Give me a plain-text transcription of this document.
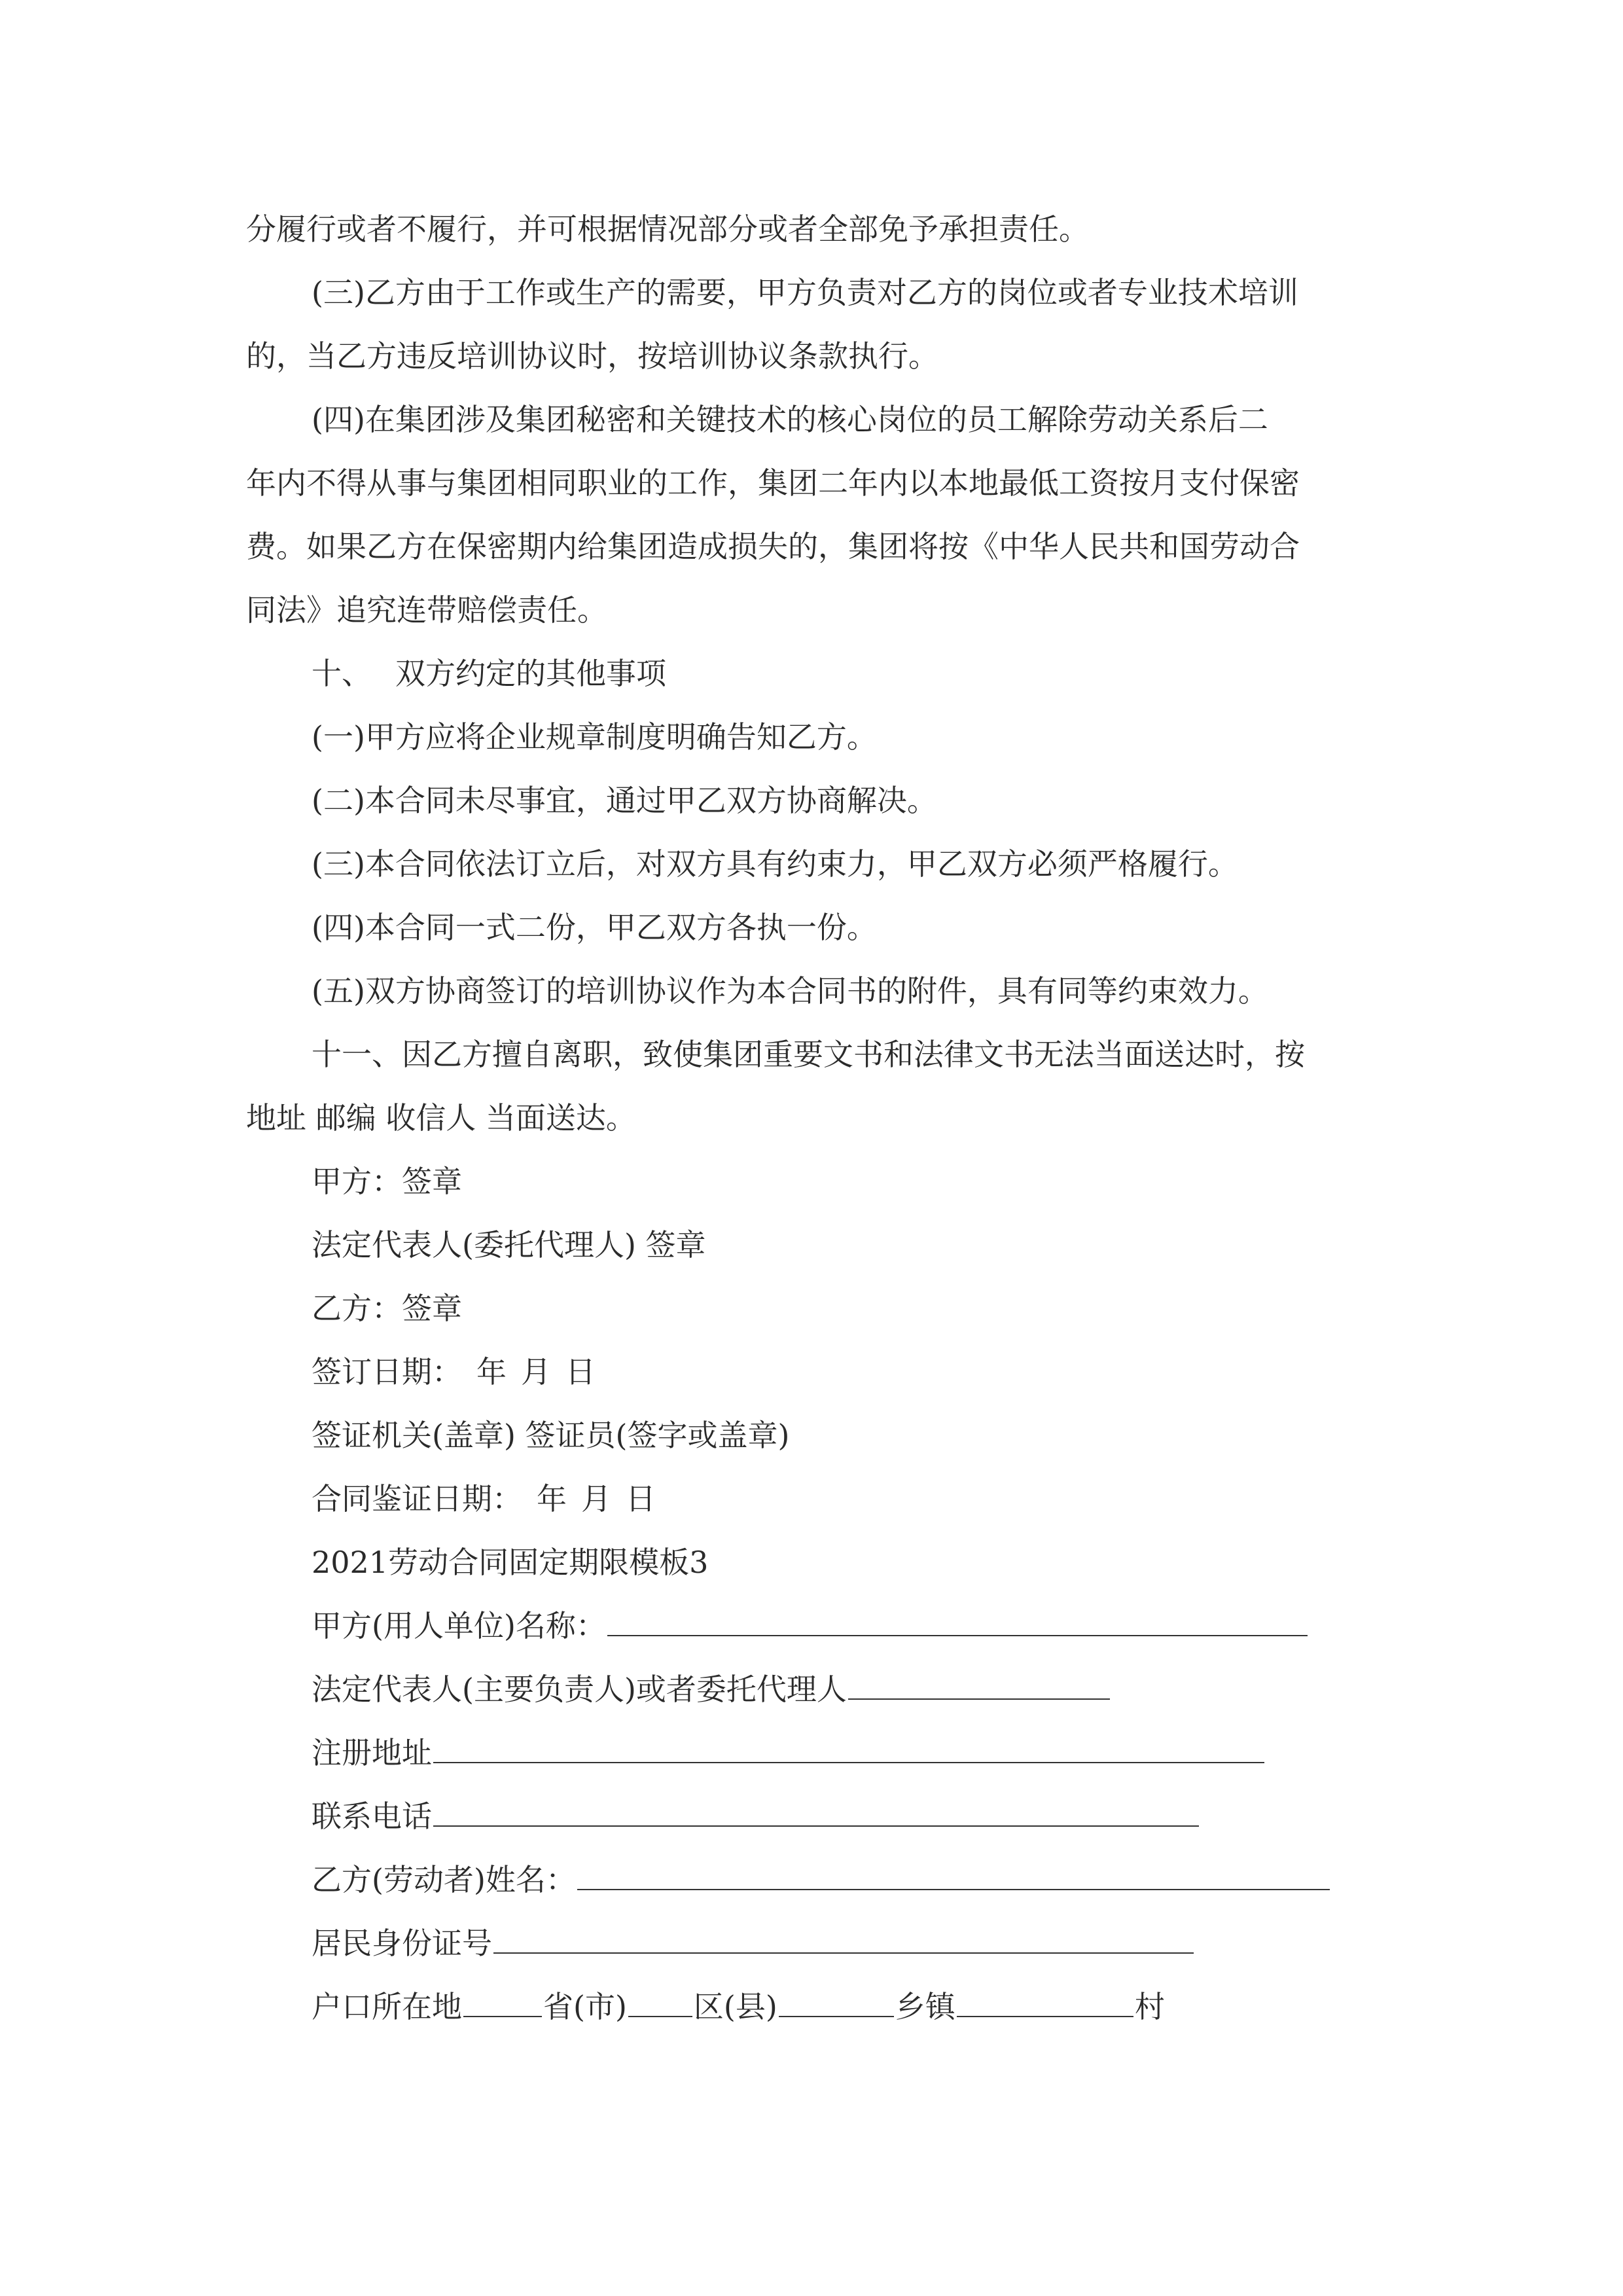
分履行或者不履行，并可根据情况部分或者全部免予承担责任。
(三)乙方由于工作或生产的需要，甲方负责对乙方的岗位或者专业技术培训
的，当乙方违反培训协议时，按培训协议条款执行。
(四)在集团涉及集团秘密和关键技术的核心岗位的员工解除劳动关系后二
年内不得从事与集团相同职业的工作，集团二年内以本地最低工资按月支付保密
费。如果乙方在保密期内给集团造成损失的，集团将按《中华人民共和国劳动合
同法》追究连带赔偿责任。
十、 双方约定的其他事项
(一)甲方应将企业规章制度明确告知乙方。
(二)本合同未尽事宜，通过甲乙双方协商解决。
(三)本合同依法订立后，对双方具有约束力，甲乙双方必须严格履行。
(四)本合同一式二份，甲乙双方各执一份。
(五)双方协商签订的培训协议作为本合同书的附件，具有同等约束效力。
十一、因乙方擅自离职，致使集团重要文书和法律文书无法当面送达时，按
地址 邮编 收信人 当面送达。
甲方：签章
法定代表人(委托代理人) 签章
乙方：签章
签订日期： 年 月 日
签证机关(盖章) 签证员(签字或盖章)
合同鉴证日期： 年 月 日
2021劳动合同固定期限模板3
甲方(用人单位)名称：
法定代表人(主要负责人)或者委托代理人
注册地址
联系电话
乙方(劳动者)姓名：
居民身份证号
户口所在地	省(市) 区(县)	乡镇	村
